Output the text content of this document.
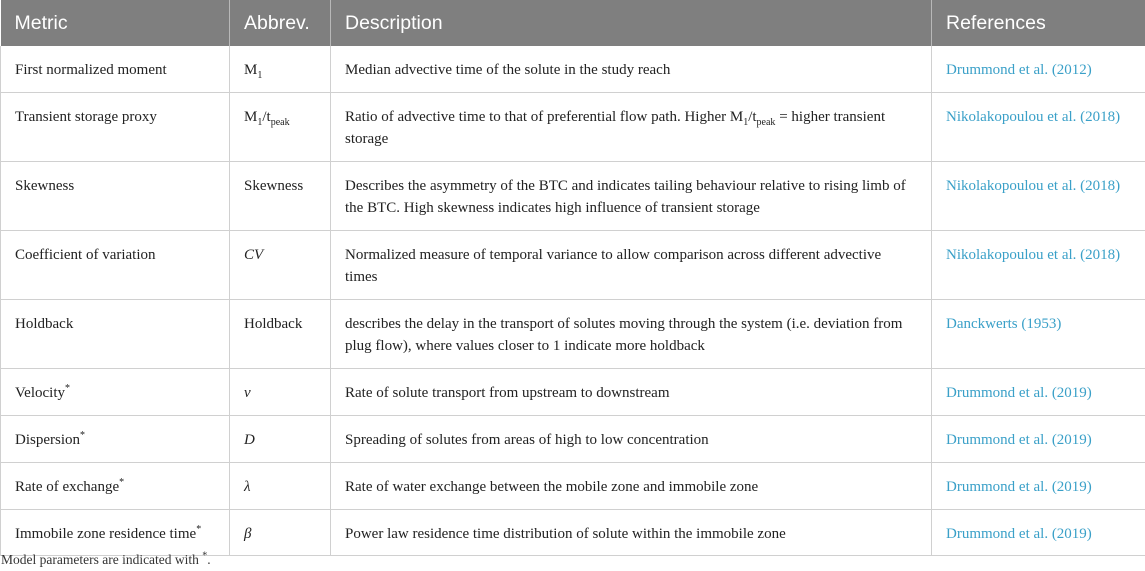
Metric	Abbrev.	Description	References
First normalized moment	$M_1$	Median advective time of the solute in the study reach	Drummond et al. (2012)
Transient storage proxy	$M_1/t_{peak}$	Ratio of advective time to that of preferential flow path. Higher $M_1/t_{peak}$ = higher transient storage	Nikolakopoulou et al. (2018)
Skewness	Skewness	Describes the asymmetry of the BTC and indicates tailing behaviour relative to rising limb of the BTC. High skewness indicates high influence of transient storage	Nikolakopoulou et al. (2018)
Coefficient of variation	CV	Normalized measure of temporal variance to allow comparison across different advective times	Nikolakopoulou et al. (2018)
Holdback	Holdback	describes the delay in the transport of solutes moving through the system (i.e. deviation from plug flow), where values closer to 1 indicate more holdback	Danckwerts (1953)
Velocity*	v	Rate of solute transport from upstream to downstream	Drummond et al. (2019)
Dispersion*	D	Spreading of solutes from areas of high to low concentration	Drummond et al. (2019)
Rate of exchange*	λ	Rate of water exchange between the mobile zone and immobile zone	Drummond et al. (2019)
Immobile zone residence time*	β	Power law residence time distribution of solute within the immobile zone	Drummond et al. (2019)
Model parameters are indicated with *.
